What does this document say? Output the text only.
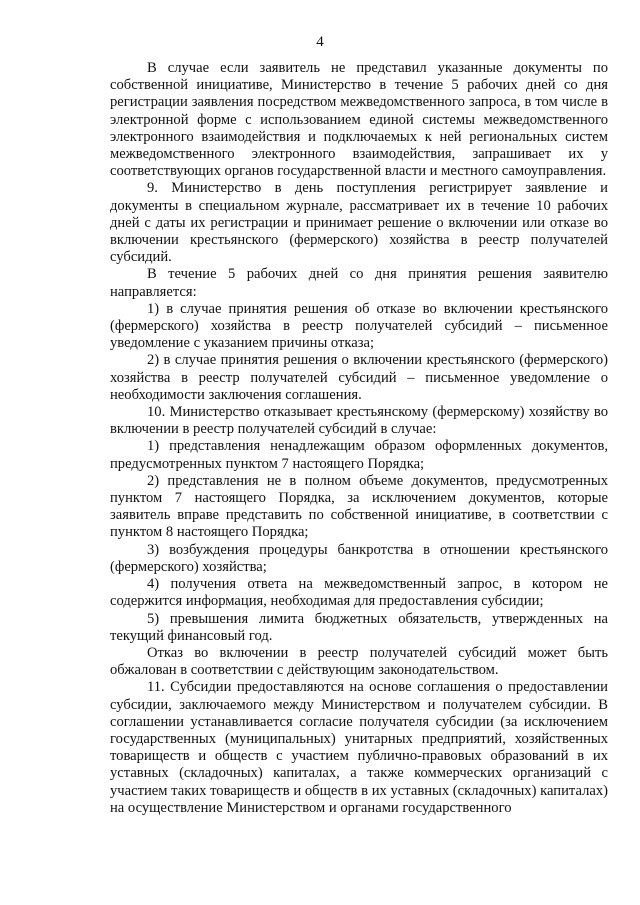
4

В случае если заявитель не представил указанные документы по собственной инициативе, Министерство в течение 5 рабочих дней со дня регистрации заявления посредством межведомственного запроса, в том числе в электронной форме с использованием единой системы межведомственного электронного взаимодействия и подключаемых к ней региональных систем межведомственного электронного взаимодействия, запрашивает их у соответствующих органов государственной власти и местного самоуправления.

9. Министерство в день поступления регистрирует заявление и документы в специальном журнале, рассматривает их в течение 10 рабочих дней с даты их регистрации и принимает решение о включении или отказе во включении крестьянского (фермерского) хозяйства в реестр получателей субсидий.

В течение 5 рабочих дней со дня принятия решения заявителю направляется:

1) в случае принятия решения об отказе во включении крестьянского (фермерского) хозяйства в реестр получателей субсидий – письменное уведомление с указанием причины отказа;

2) в случае принятия решения о включении крестьянского (фермерского) хозяйства в реестр получателей субсидий – письменное уведомление о необходимости заключения соглашения.

10. Министерство отказывает крестьянскому (фермерскому) хозяйству во включении в реестр получателей субсидий в случае:

1) представления ненадлежащим образом оформленных документов, предусмотренных пунктом 7 настоящего Порядка;

2) представления не в полном объеме документов, предусмотренных пунктом 7 настоящего Порядка, за исключением документов, которые заявитель вправе представить по собственной инициативе, в соответствии с пунктом 8 настоящего Порядка;

3) возбуждения процедуры банкротства в отношении крестьянского (фермерского) хозяйства;

4) получения ответа на межведомственный запрос, в котором не содержится информация, необходимая для предоставления субсидии;

5) превышения лимита бюджетных обязательств, утвержденных на текущий финансовый год.

Отказ во включении в реестр получателей субсидий может быть обжалован в соответствии с действующим законодательством.

11. Субсидии предоставляются на основе соглашения о предоставлении субсидии, заключаемого между Министерством и получателем субсидии. В соглашении устанавливается согласие получателя субсидии (за исключением государственных (муниципальных) унитарных предприятий, хозяйственных товариществ и обществ с участием публично-правовых образований в их уставных (складочных) капиталах, а также коммерческих организаций с участием таких товариществ и обществ в их уставных (складочных) капиталах) на осуществление Министерством и органами государственного
